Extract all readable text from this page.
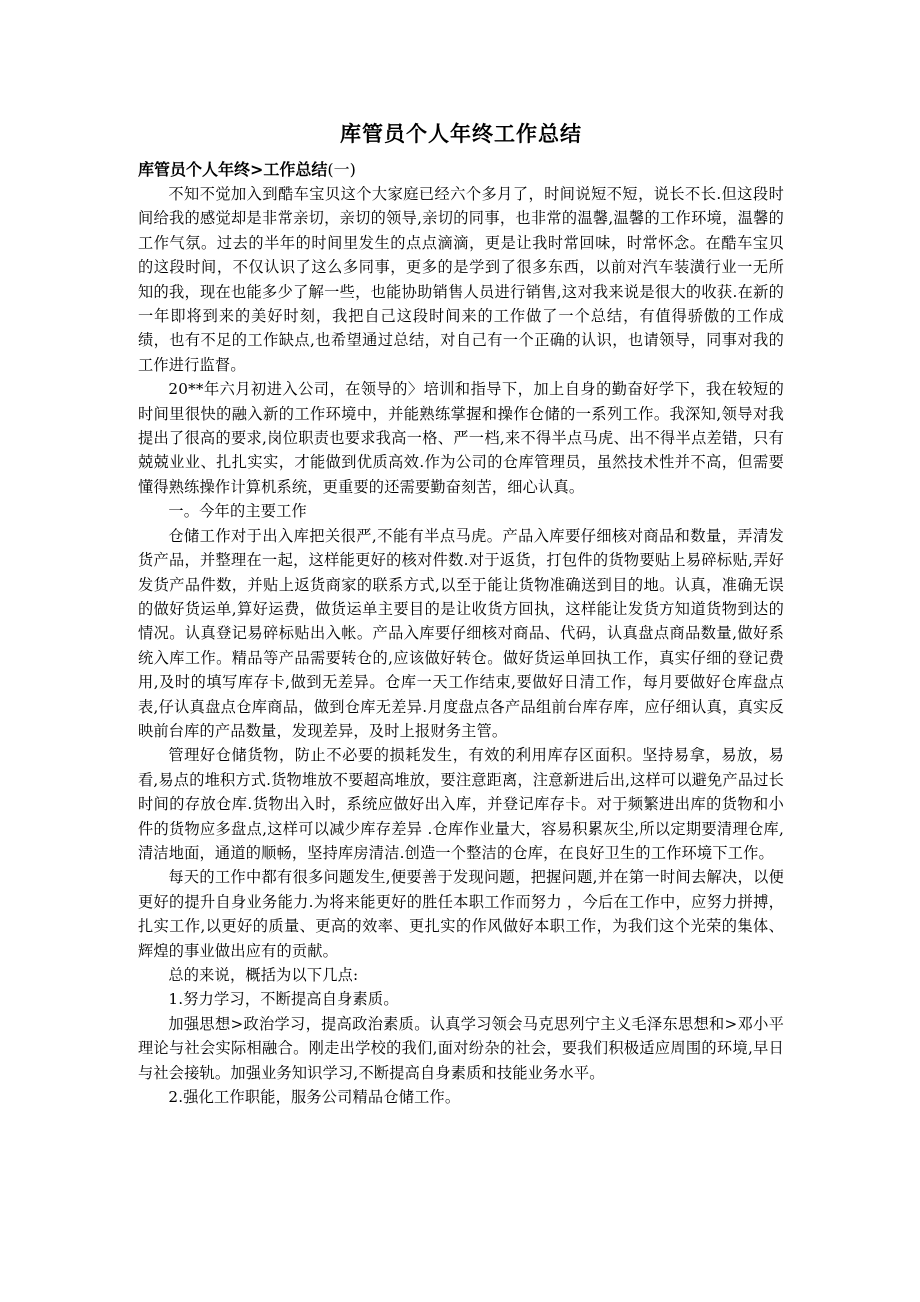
库管员个人年终工作总结
库管员个人年终>工作总结(一)

不知不觉加入到酷车宝贝这个大家庭已经六个多月了，时间说短不短，说长不长.但这段时间给我的感觉却是非常亲切，亲切的领导,亲切的同事，也非常的温馨,温馨的工作环境，温馨的工作气氛。过去的半年的时间里发生的点点滴滴，更是让我时常回味，时常怀念。在酷车宝贝的这段时间，不仅认识了这么多同事，更多的是学到了很多东西，以前对汽车装潢行业一无所知的我，现在也能多少了解一些，也能协助销售人员进行销售,这对我来说是很大的收获.在新的一年即将到来的美好时刻，我把自己这段时间来的工作做了一个总结，有值得骄傲的工作成绩，也有不足的工作缺点,也希望通过总结，对自己有一个正确的认识，也请领导，同事对我的工作进行监督。

20**年六月初进入公司，在领导的〉培训和指导下，加上自身的勤奋好学下，我在较短的时间里很快的融入新的工作环境中，并能熟练掌握和操作仓储的一系列工作。我深知,领导对我提出了很高的要求,岗位职责也要求我高一格、严一档,来不得半点马虎、出不得半点差错，只有兢兢业业、扎扎实实，才能做到优质高效.作为公司的仓库管理员，虽然技术性并不高，但需要懂得熟练操作计算机系统，更重要的还需要勤奋刻苦，细心认真。

一。今年的主要工作

仓储工作对于出入库把关很严,不能有半点马虎。产品入库要仔细核对商品和数量，弄清发货产品，并整理在一起，这样能更好的核对件数.对于返货，打包件的货物要贴上易碎标贴,弄好发货产品件数，并贴上返货商家的联系方式,以至于能让货物准确送到目的地。认真，准确无误的做好货运单,算好运费，做货运单主要目的是让收货方回执，这样能让发货方知道货物到达的情况。认真登记易碎标贴出入帐。产品入库要仔细核对商品、代码，认真盘点商品数量,做好系统入库工作。精品等产品需要转仓的,应该做好转仓。做好货运单回执工作，真实仔细的登记费用,及时的填写库存卡,做到无差异。仓库一天工作结束,要做好日清工作，每月要做好仓库盘点表,仔认真盘点仓库商品，做到仓库无差异.月度盘点各产品组前台库存库，应仔细认真，真实反映前台库的产品数量，发现差异，及时上报财务主管。

管理好仓储货物，防止不必要的损耗发生，有效的利用库存区面积。坚持易拿，易放，易看,易点的堆积方式.货物堆放不要超高堆放，要注意距离，注意新进后出,这样可以避免产品过长时间的存放仓库.货物出入时，系统应做好出入库，并登记库存卡。对于频繁进出库的货物和小件的货物应多盘点,这样可以减少库存差异 .仓库作业量大，容易积累灰尘,所以定期要清理仓库,清洁地面，通道的顺畅，坚持库房清洁.创造一个整洁的仓库，在良好卫生的工作环境下工作。

每天的工作中都有很多问题发生,便要善于发现问题，把握问题,并在第一时间去解决，以便更好的提升自身业务能力.为将来能更好的胜任本职工作而努力 ，今后在工作中，应努力拼搏，扎实工作,以更好的质量、更高的效率、更扎实的作风做好本职工作，为我们这个光荣的集体、辉煌的事业做出应有的贡献。

总的来说，概括为以下几点:

1.努力学习，不断提高自身素质。

加强思想>政治学习，提高政治素质。认真学习领会马克思列宁主义毛泽东思想和>邓小平理论与社会实际相融合。刚走出学校的我们,面对纷杂的社会，要我们积极适应周围的环境,早日与社会接轨。加强业务知识学习,不断提高自身素质和技能业务水平。

2.强化工作职能，服务公司精品仓储工作。
